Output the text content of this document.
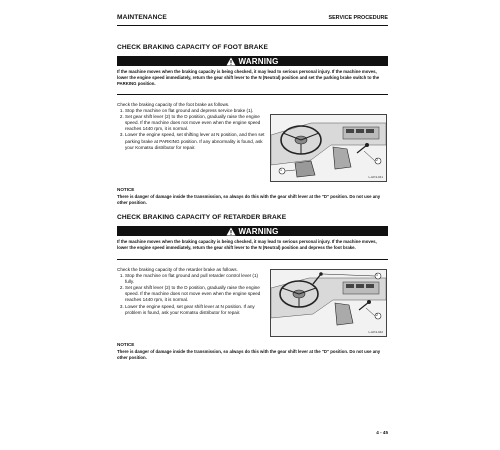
MAINTENANCE	SERVICE PROCEDURE
CHECK BRAKING CAPACITY OF FOOT BRAKE
WARNING
If the machine moves when the braking capacity is being checked, it may lead to serious personal injury. If the machine moves, lower the engine speed immediately, return the gear shift lever to the N (Neutral) position and set the parking brake switch to the PARKING position.

Check the braking capacity of the foot brake as follows.

1. Stop the machine on flat ground and depress service brake (1).
2. Set gear shift lever (2) to the D position, gradually raise the engine speed. If the machine does not move even when the engine speed reaches 1440 rpm, it is normal.
3. Lower the engine speed, set shifting lever at N position, and then set parking brake at PARKING position. If any abnormality is found, ask your Komatsu distributor for repair.
1
2
L-HK3-041
NOTICE
There is danger of damage inside the transmission, so always do this with the gear shift lever at the "D" position. Do not use any other position.
CHECK BRAKING CAPACITY OF RETARDER BRAKE
WARNING
If the machine moves when the braking capacity is being checked, it may lead to serious personal injury. If the machine moves, lower the engine speed immediately, return the gear shift lever to the N (Neutral) position and depress the foot brake.

Check the braking capacity of the retarder brake as follows.

1. Stop the machine on flat ground and pull retarder control lever (1) fully.
2. Set gear shift lever (2) to the D position, gradually raise the engine speed. If the machine does not move even when the engine speed reaches 1440 rpm, it is normal.
3. Lower the engine speed, set gear shift lever at N position. If any problem is found, ask your Komatsu distributor for repair.
1
2
L-HK3-042
NOTICE
There is danger of damage inside the transmission, so always do this with the gear shift lever at the "D" position. Do not use any other position.
4 - 45
